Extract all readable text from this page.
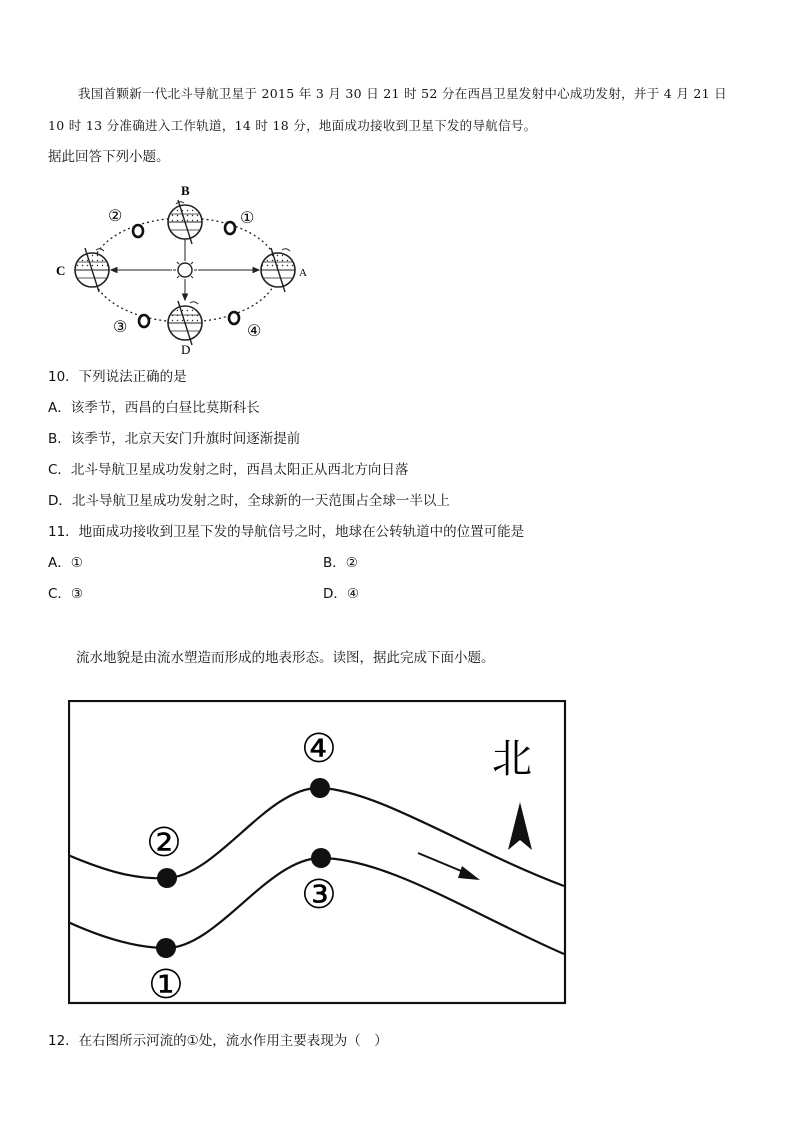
我国首颗新一代北斗导航卫星于 2015 年 3 月 30 日 21 时 52 分在西昌卫星发射中心成功发射，并于 4 月 21 日
10 时 13 分准确进入工作轨道，14 时 18 分，地面成功接收到卫星下发的导航信号。
据此回答下列小题。
B
D
C	A
①
②
③	④
10．下列说法正确的是
A．该季节，西昌的白昼比莫斯科长
B．该季节，北京天安门升旗时间逐渐提前
C．北斗导航卫星成功发射之时，西昌太阳正从西北方向日落
D．北斗导航卫星成功发射之时，全球新的一天范围占全球一半以上
11．地面成功接收到卫星下发的导航信号之时，地球在公转轨道中的位置可能是
A．①	B．②
C．③	D．④
流水地貌是由流水塑造而形成的地表形态。读图，据此完成下面小题。
北
①
②
③
④
12．在右图所示河流的①处，流水作用主要表现为（　）
